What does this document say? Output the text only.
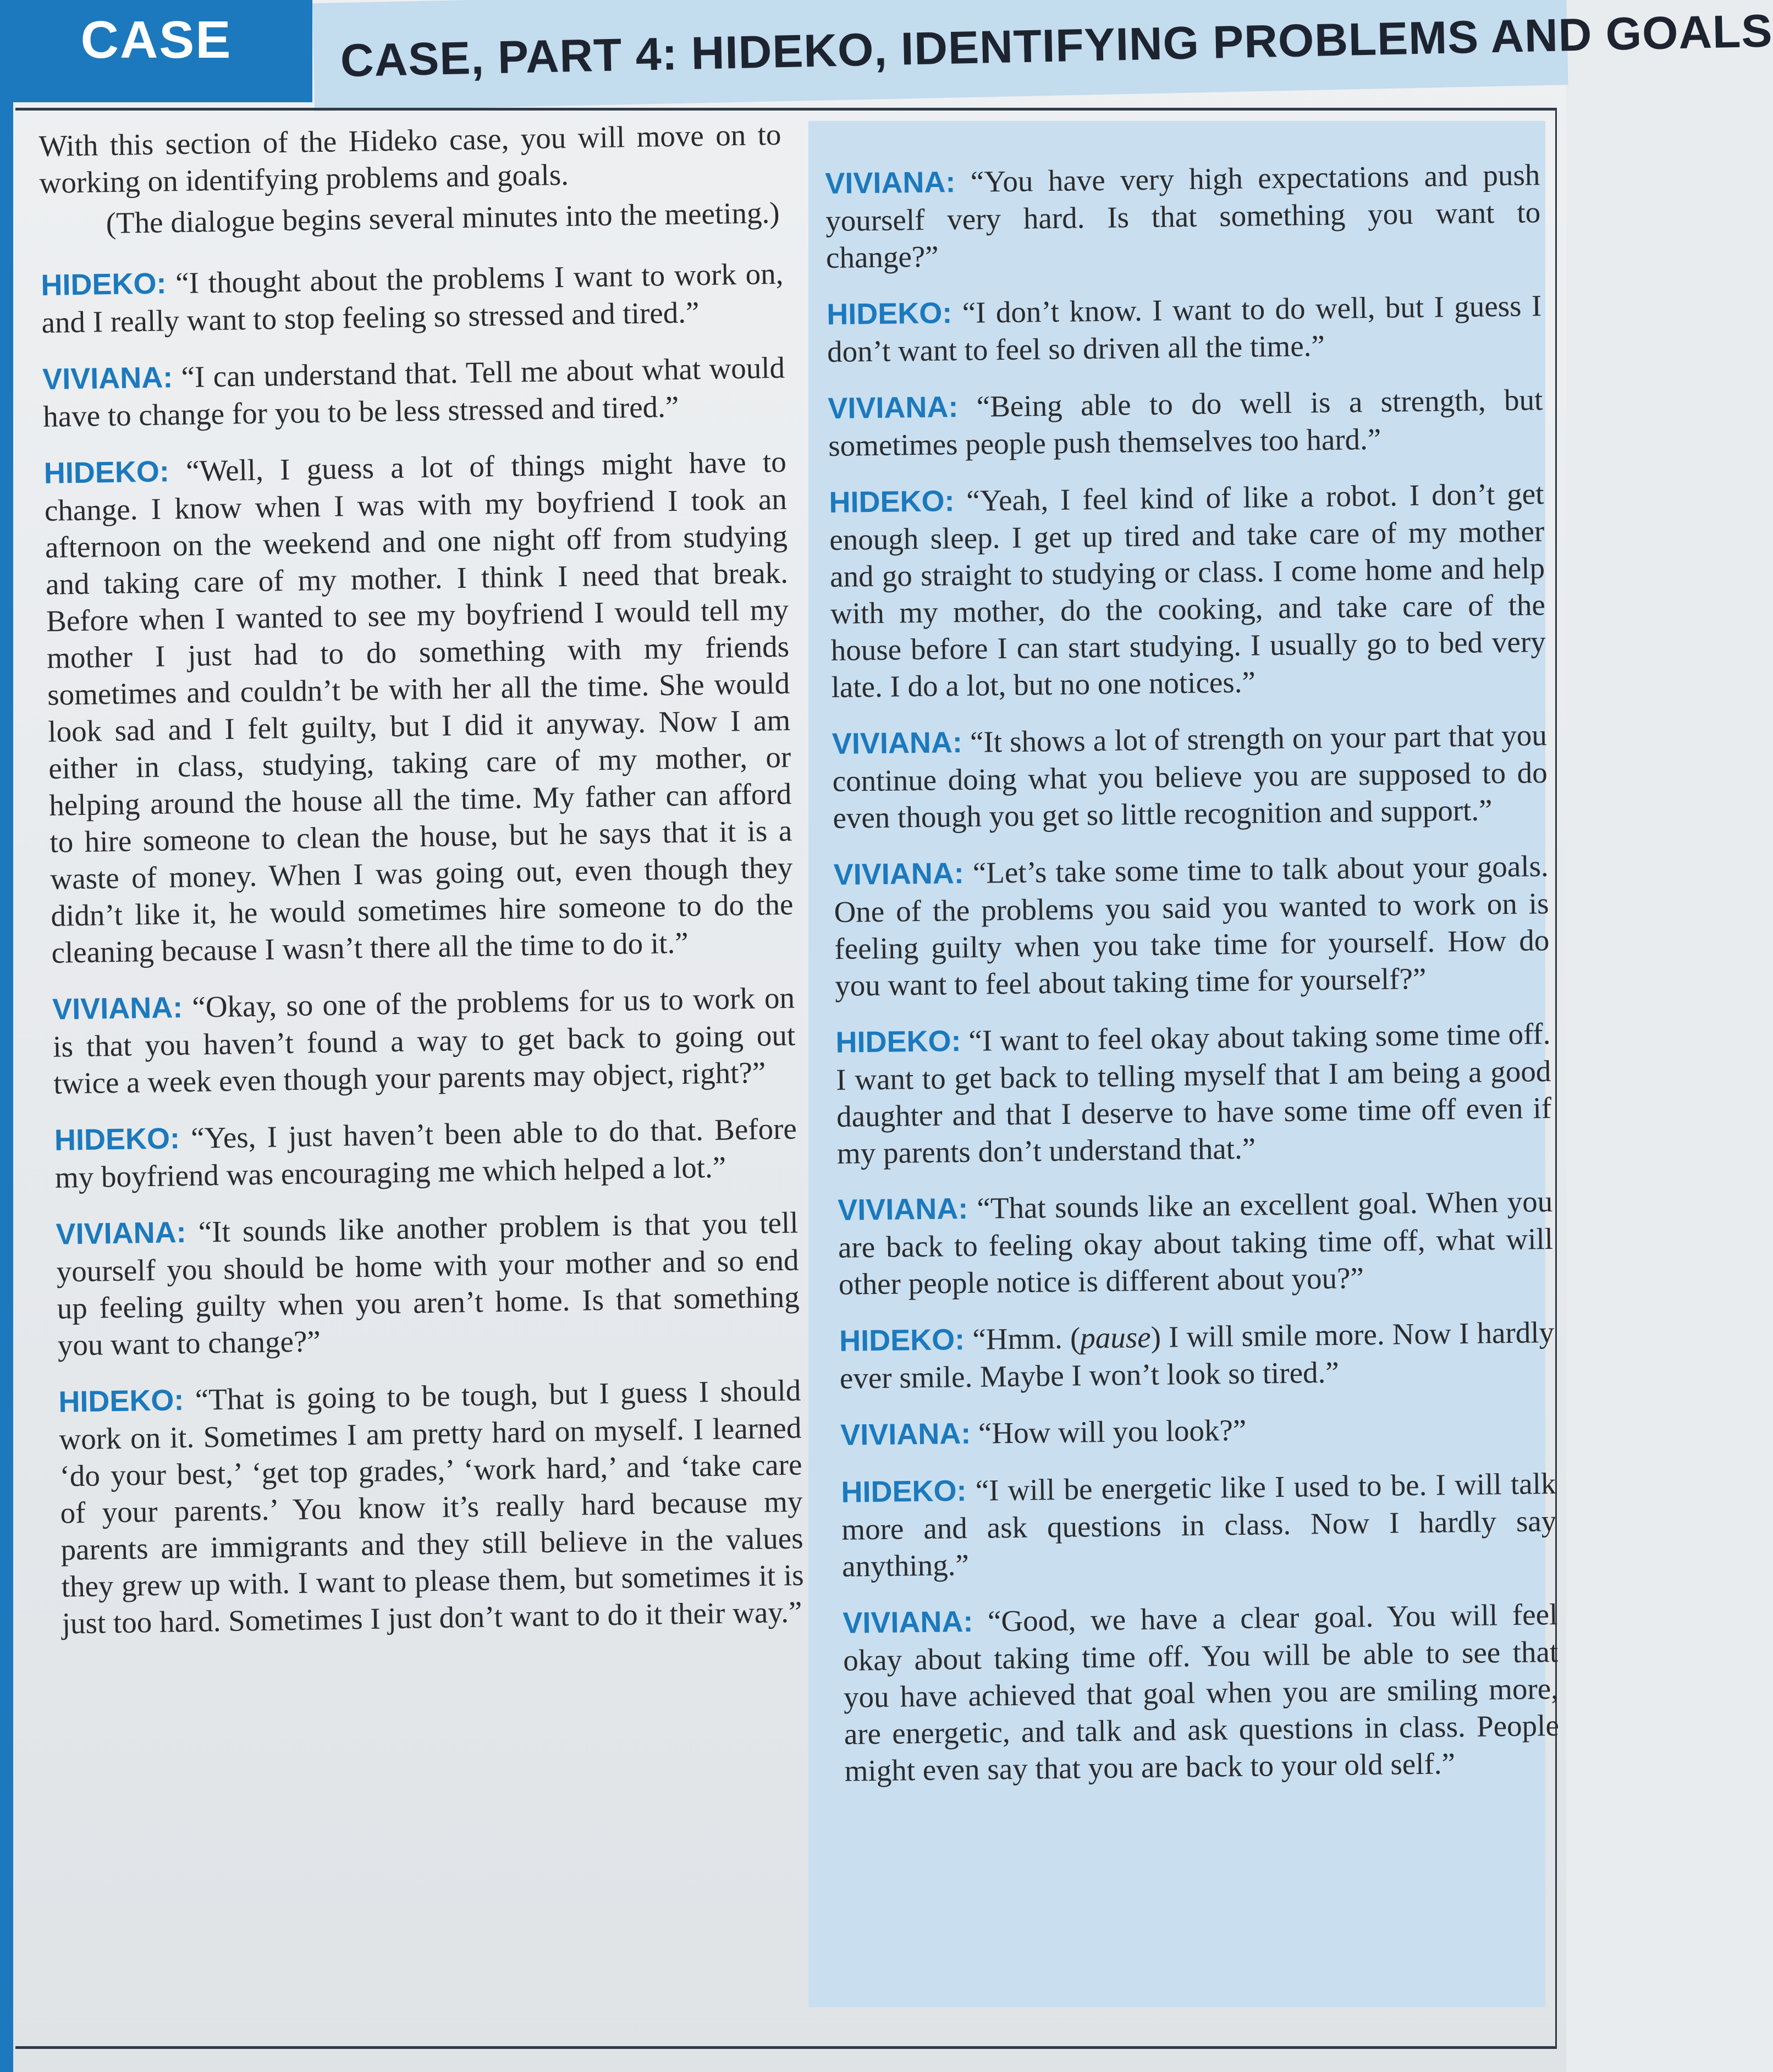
CASE CASE, PART 4: HIDEKO, IDENTIFYING PROBLEMS AND GOALS

With this section of the Hideko case, you will move on to working on identifying problems and goals.

(The dialogue begins several minutes into the meeting.)

HIDEKO: “I thought about the problems I want to work on, and I really want to stop feeling so stressed and tired.”

VIVIANA: “I can understand that. Tell me about what would have to change for you to be less stressed and tired.”

HIDEKO: “Well, I guess a lot of things might have to change. I know when I was with my boyfriend I took an afternoon on the weekend and one night off from studying and taking care of my mother. I think I need that break. Before when I wanted to see my boyfriend I would tell my mother I just had to do something with my friends sometimes and couldn’t be with her all the time. She would look sad and I felt guilty, but I did it anyway. Now I am either in class, studying, taking care of my mother, or helping around the house all the time. My father can afford to hire someone to clean the house, but he says that it is a waste of money. When I was going out, even though they didn’t like it, he would sometimes hire someone to do the cleaning because I wasn’t there all the time to do it.”

VIVIANA: “Okay, so one of the problems for us to work on is that you haven’t found a way to get back to going out twice a week even though your parents may object, right?”

HIDEKO: “Yes, I just haven’t been able to do that. Before my boyfriend was encouraging me which helped a lot.”

VIVIANA: “It sounds like another problem is that you tell yourself you should be home with your mother and so end up feeling guilty when you aren’t home. Is that something you want to change?”

HIDEKO: “That is going to be tough, but I guess I should work on it. Sometimes I am pretty hard on myself. I learned ‘do your best,’ ‘get top grades,’ ‘work hard,’ and ‘take care of your parents.’ You know it’s really hard because my parents are immigrants and they still believe in the values they grew up with. I want to please them, but sometimes it is just too hard. Sometimes I just don’t want to do it their way.”

VIVIANA: “You have very high expectations and push yourself very hard. Is that something you want to change?”

HIDEKO: “I don’t know. I want to do well, but I guess I don’t want to feel so driven all the time.”

VIVIANA: “Being able to do well is a strength, but sometimes people push themselves too hard.”

HIDEKO: “Yeah, I feel kind of like a robot. I don’t get enough sleep. I get up tired and take care of my mother and go straight to studying or class. I come home and help with my mother, do the cooking, and take care of the house before I can start studying. I usually go to bed very late. I do a lot, but no one notices.”

VIVIANA: “It shows a lot of strength on your part that you continue doing what you believe you are supposed to do even though you get so little recognition and support.”

VIVIANA: “Let’s take some time to talk about your goals. One of the problems you said you wanted to work on is feeling guilty when you take time for yourself. How do you want to feel about taking time for yourself?”

HIDEKO: “I want to feel okay about taking some time off. I want to get back to telling myself that I am being a good daughter and that I deserve to have some time off even if my parents don’t understand that.”

VIVIANA: “That sounds like an excellent goal. When you are back to feeling okay about taking time off, what will other people notice is different about you?”

HIDEKO: “Hmm. (pause) I will smile more. Now I hardly ever smile. Maybe I won’t look so tired.”

VIVIANA: “How will you look?”

HIDEKO: “I will be energetic like I used to be. I will talk more and ask questions in class. Now I hardly say anything.”

VIVIANA: “Good, we have a clear goal. You will feel okay about taking time off. You will be able to see that you have achieved that goal when you are smiling more, are energetic, and talk and ask questions in class. People might even say that you are back to your old self.”
